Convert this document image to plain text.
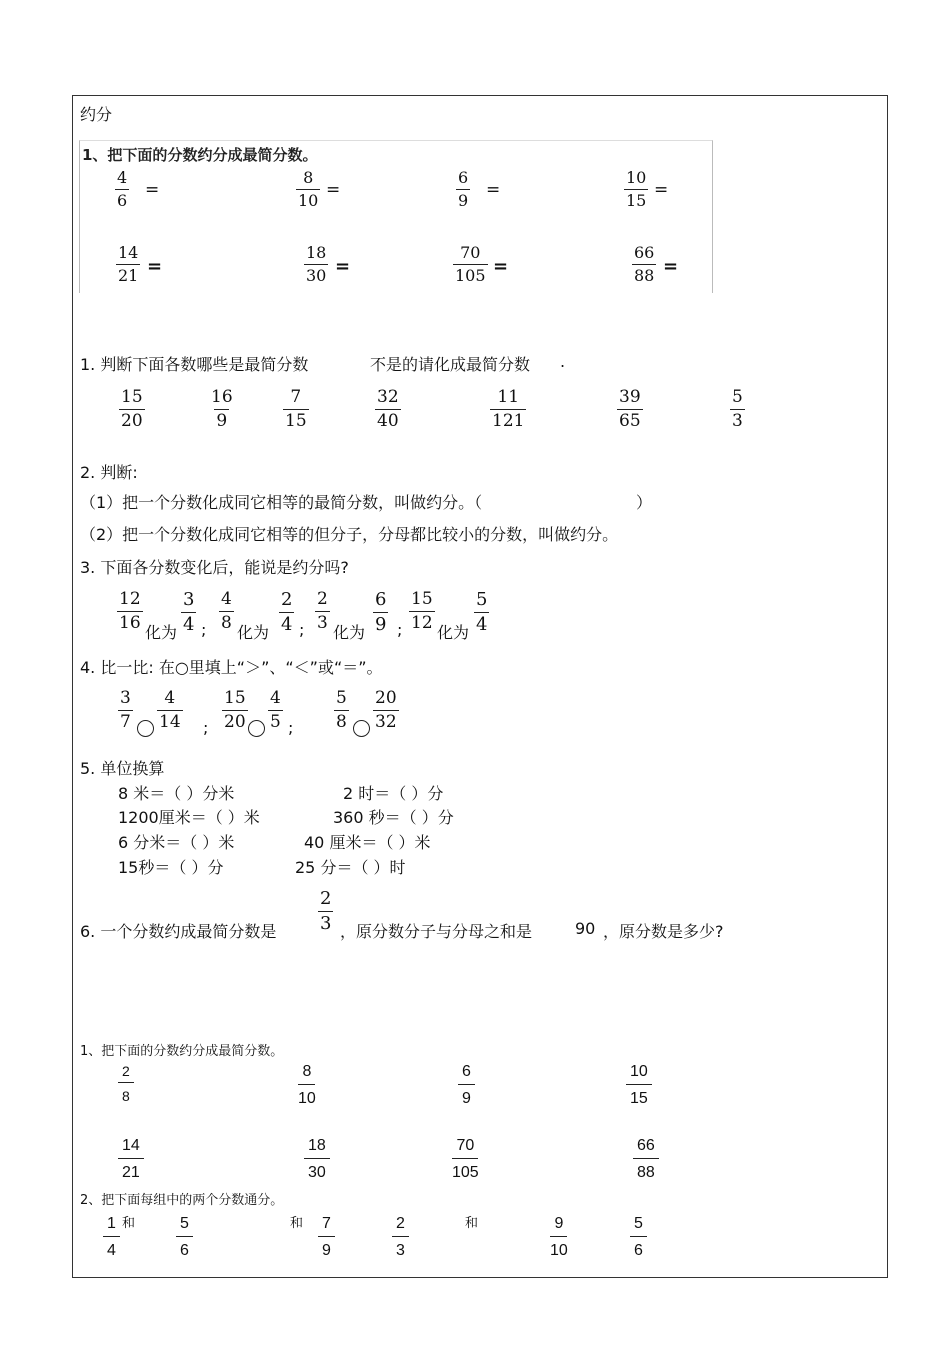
约分
1、把下面的分数约分成最简分数。
1. 判断下面各数哪些是最简分数	不是的请化成最简分数 .
2. 判断:
（1）把一个分数化成同它相等的最简分数，叫做约分。（	）
（2）把一个分数化成同它相等的但分子，分母都比较小的分数，叫做约分。
3. 下面各分数变化后，能说是约分吗?
4. 比一比: 在○里填上“＞”、“＜”或“＝”。
5. 单位换算
8 米＝（ ）分米	2 时＝（ ）分
1200厘米＝（ ）米	360 秒＝（ ）分
6 分米＝（ ）米	40 厘米＝（ ）米
15秒＝（ ）分	25 分＝（ ）时
6. 一个分数约成最简分数是 $\frac{2}{3}$ ，原分数分子与分母之和是	90 ，原分数是多少?
1、把下面的分数约分成最简分数。
2、把下面每组中的两个分数通分。
$\frac{4}{6}$ =	$\frac{8}{10}$ =	$\frac{6}{9}$ =	$\frac{10}{15}$ =
$\frac{14}{21}$ =	$\frac{18}{30}$ =	$\frac{70}{105}$ =	$\frac{66}{88}$ =
$\frac{15}{20}$	$\frac{16}{9}$	$\frac{7}{15}$	$\frac{32}{40}$	$\frac{11}{121}$	$\frac{39}{65}$	$\frac{5}{3}$
$\frac{12}{16}$
化为 $\frac{3}{4}$ ; $\frac{4}{8}$
化为 $\frac{2}{4}$ ; $\frac{2}{3}$
化为 $\frac{6}{9}$ ; $\frac{15}{12}$
化为 $\frac{5}{4}$
$\frac{3}{7} \frac{4}{14}$ ; $\frac{15}{20} \frac{4}{5}$ ; $\frac{5}{8} \frac{20}{32}$
$\frac{2}{8}$	$\frac{8}{10}$	$\frac{6}{9}$	$\frac{10}{15}$
$\frac{14}{21}$	$\frac{18}{30}$	$\frac{70}{105}$	$\frac{66}{88}$
$\frac{1}{4}$	$\frac{5}{6}$	$\frac{7}{9}$	$\frac{2}{3}$	$\frac{9}{10}$	$\frac{5}{6}$
和	和	和
